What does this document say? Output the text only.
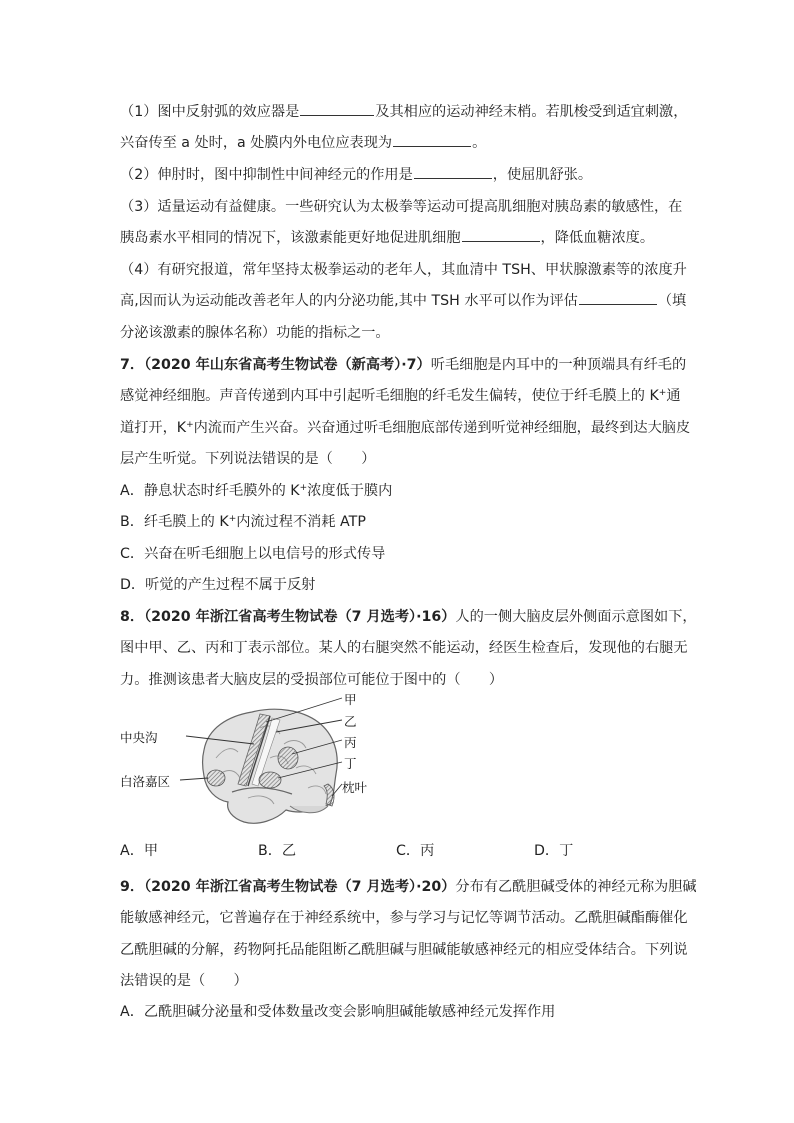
（1）图中反射弧的效应器是	及其相应的运动神经末梢。若肌梭受到适宜刺激，
兴奋传至 a 处时，a 处膜内外电位应表现为	。
（2）伸肘时，图中抑制性中间神经元的作用是	，使屈肌舒张。
（3）适量运动有益健康。一些研究认为太极拳等运动可提高肌细胞对胰岛素的敏感性，在
胰岛素水平相同的情况下，该激素能更好地促进肌细胞	，降低血糖浓度。
（4）有研究报道，常年坚持太极拳运动的老年人，其血清中 TSH、甲状腺激素等的浓度升
高,因而认为运动能改善老年人的内分泌功能,其中 TSH 水平可以作为评估	（填
分泌该激素的腺体名称）功能的指标之一。
7．（2020 年山东省高考生物试卷（新高考）·7）听毛细胞是内耳中的一种顶端具有纤毛的
感觉神经细胞。声音传递到内耳中引起听毛细胞的纤毛发生偏转，使位于纤毛膜上的 K+通
道打开，K+内流而产生兴奋。兴奋通过听毛细胞底部传递到听觉神经细胞，最终到达大脑皮
层产生听觉。下列说法错误的是（　　）
A．静息状态时纤毛膜外的 K+浓度低于膜内
B．纤毛膜上的 K+内流过程不消耗 ATP
C．兴奋在听毛细胞上以电信号的形式传导
D．听觉的产生过程不属于反射
8．（2020 年浙江省高考生物试卷（7 月选考）·16）人的一侧大脑皮层外侧面示意图如下，
图中甲、乙、丙和丁表示部位。某人的右腿突然不能运动，经医生检查后，发现他的右腿无
力。推测该患者大脑皮层的受损部位可能位于图中的（　　）
甲
乙
丙
丁
中央沟
白洛嘉区	枕叶
A．甲	B．乙	C．丙	D．丁
9．（2020 年浙江省高考生物试卷（7 月选考）·20）分布有乙酰胆碱受体的神经元称为胆碱
能敏感神经元，它普遍存在于神经系统中，参与学习与记忆等调节活动。乙酰胆碱酯酶催化
乙酰胆碱的分解，药物阿托品能阻断乙酰胆碱与胆碱能敏感神经元的相应受体结合。下列说
法错误的是（　　）
A．乙酰胆碱分泌量和受体数量改变会影响胆碱能敏感神经元发挥作用
